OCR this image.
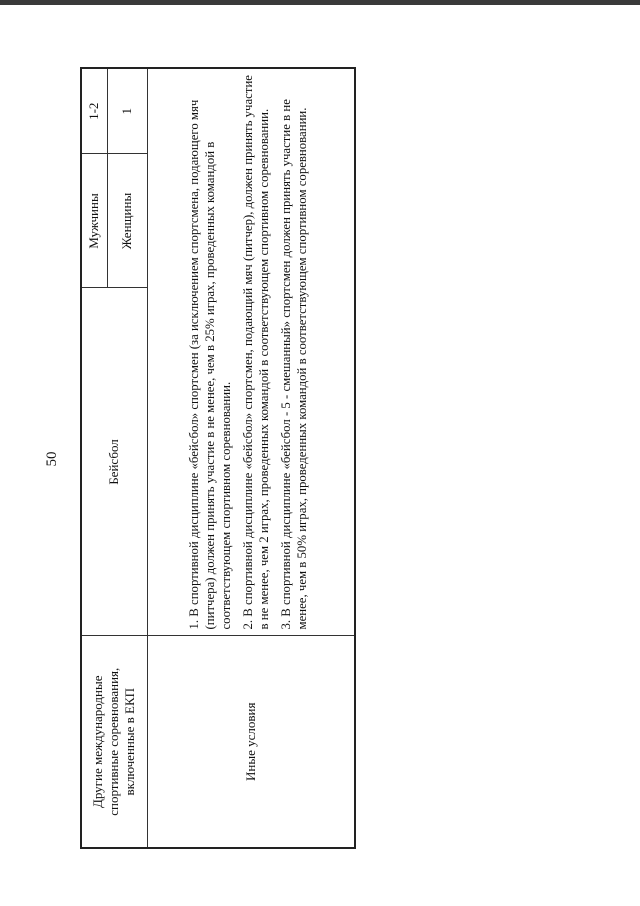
50
Другие международные спортивные соревнования, включенные в ЕКП	Бейсбол	Мужчины	1-2
		Женщины	1
Иные условия	1. В спортивной дисциплине «бейсбол» спортсмен (за исключением спортсмена, подающего мяч (питчера) должен принять участие в не менее, чем в 25% играх, проведенных командой в соответствующем спортивном соревновании. 2. В спортивной дисциплине «бейсбол» спортсмен, подающий мяч (питчер), должен принять участие в не менее, чем 2 играх, проведенных командой в соответствующем спортивном соревновании. 3. В спортивной дисциплине «бейсбол - 5 - смешанный» спортсмен должен принять участие в не менее, чем в 50% играх, проведенных командой в соответствующем спортивном соревновании.		
